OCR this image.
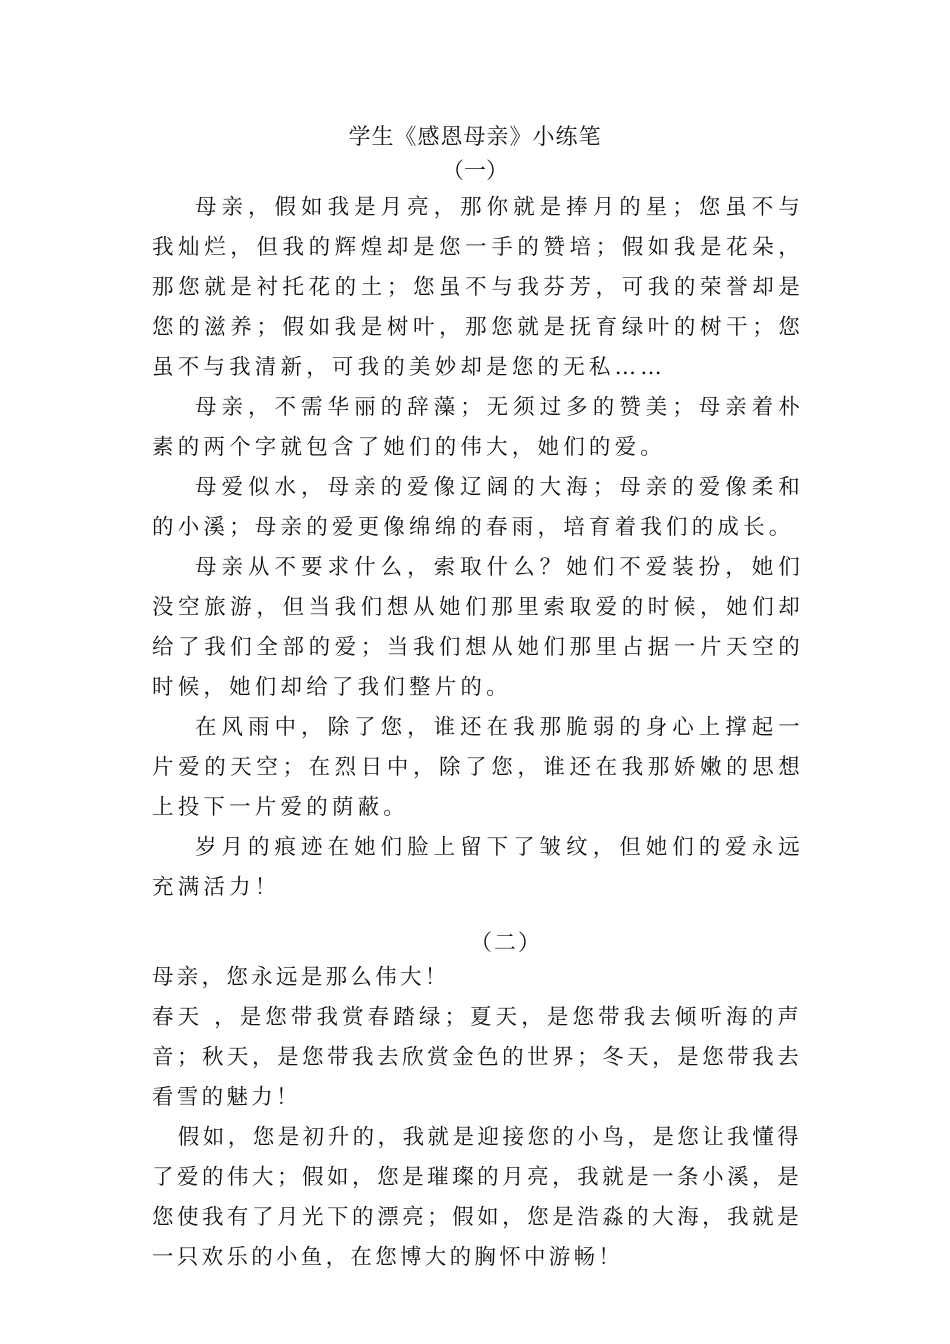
学生《感恩母亲》小练笔
（一）

母亲，假如我是月亮，那你就是捧月的星；您虽不与我灿烂，但我的辉煌却是您一手的赞培；假如我是花朵，那您就是衬托花的土；您虽不与我芬芳，可我的荣誉却是您的滋养；假如我是树叶，那您就是抚育绿叶的树干；您虽不与我清新，可我的美妙却是您的无私……

母亲，不需华丽的辞藻；无须过多的赞美；母亲着朴素的两个字就包含了她们的伟大，她们的爱。

母爱似水，母亲的爱像辽阔的大海；母亲的爱像柔和的小溪；母亲的爱更像绵绵的春雨，培育着我们的成长。

母亲从不要求什么，索取什么？她们不爱装扮，她们没空旅游，但当我们想从她们那里索取爱的时候，她们却给了我们全部的爱；当我们想从她们那里占据一片天空的时候，她们却给了我们整片的。

在风雨中，除了您，谁还在我那脆弱的身心上撑起一片爱的天空；在烈日中，除了您，谁还在我那娇嫩的思想上投下一片爱的荫蔽。

岁月的痕迹在她们脸上留下了皱纹，但她们的爱永远充满活力！

（二）

母亲，您永远是那么伟大！

春天 ，是您带我赏春踏绿；夏天，是您带我去倾听海的声音；秋天，是您带我去欣赏金色的世界；冬天，是您带我去看雪的魅力！

假如，您是初升的，我就是迎接您的小鸟，是您让我懂得了爱的伟大；假如，您是璀璨的月亮，我就是一条小溪，是您使我有了月光下的漂亮；假如，您是浩淼的大海，我就是一只欢乐的小鱼，在您博大的胸怀中游畅！
